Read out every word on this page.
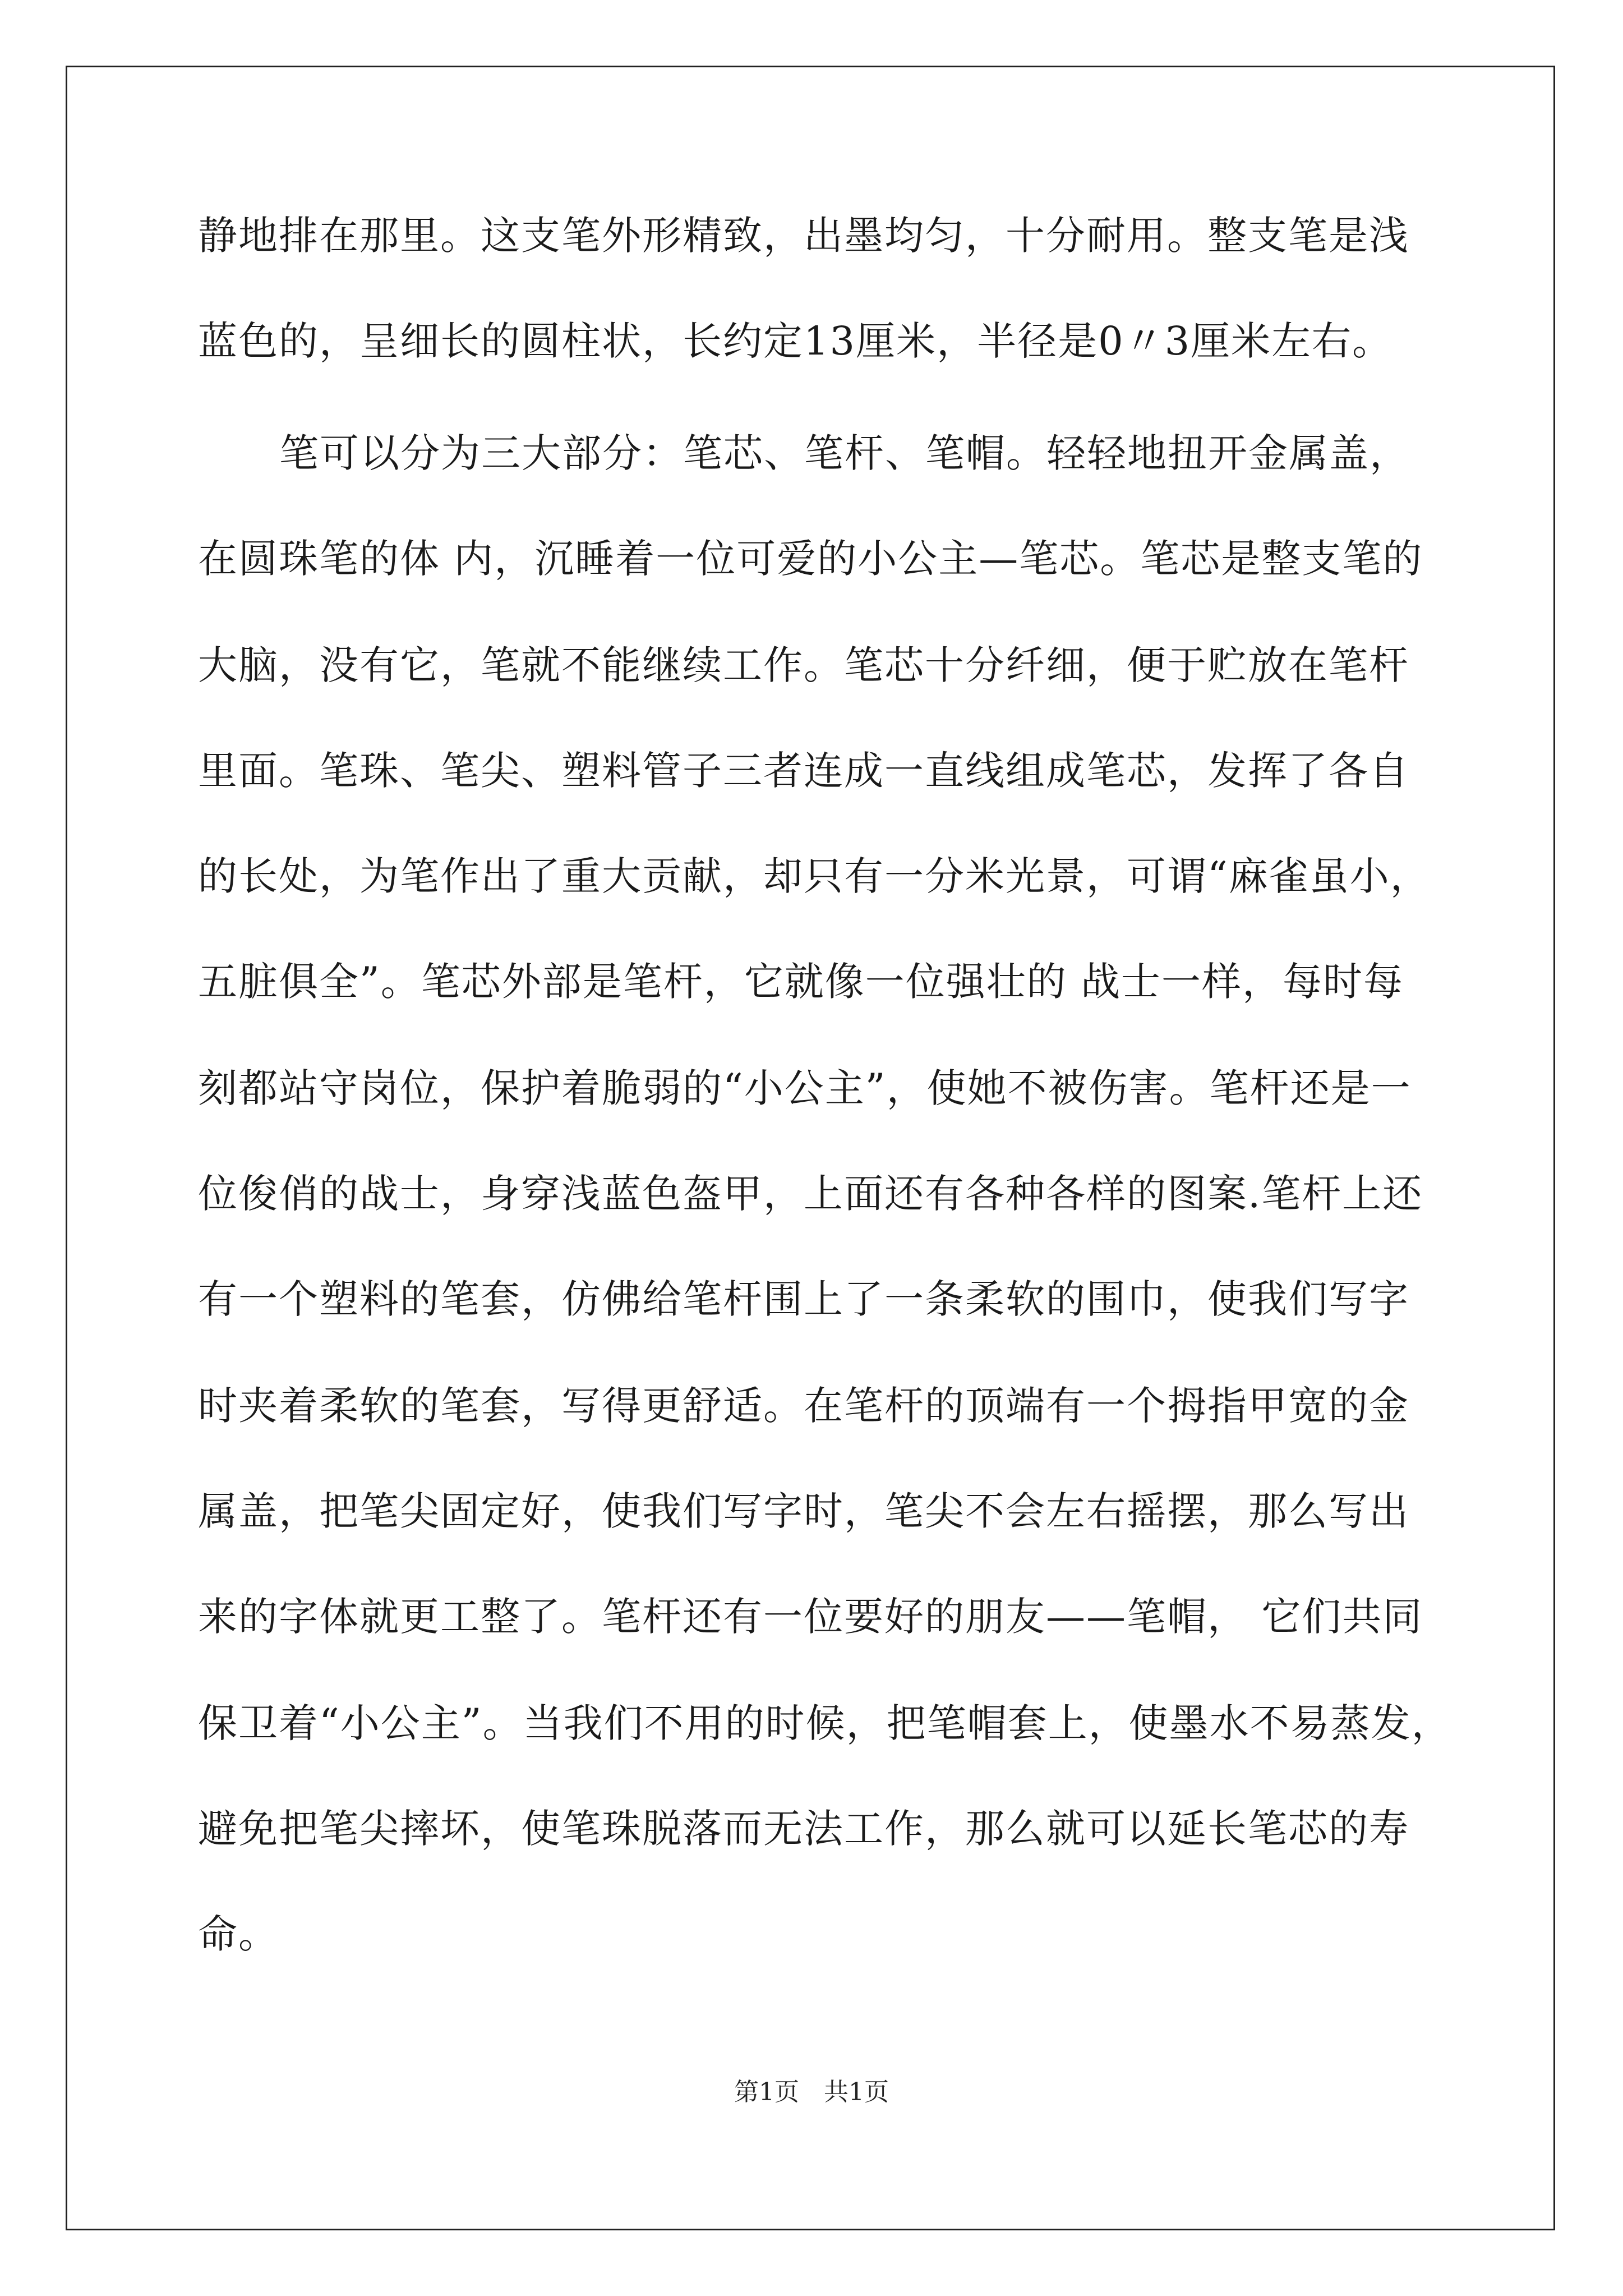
静地排在那里。这支笔外形精致，出墨均匀，十分耐用。整支笔是浅
蓝色的，呈细长的圆柱状，长约定13厘米，半径是0〃3厘米左右。
笔可以分为三大部分：笔芯、笔杆、笔帽。轻轻地扭开金属盖，
在圆珠笔的体 内，沉睡着一位可爱的小公主—笔芯。笔芯是整支笔的
大脑，没有它，笔就不能继续工作。笔芯十分纤细，便于贮放在笔杆
里面。笔珠、笔尖、塑料管子三者连成一直线组成笔芯，发挥了各自
的长处，为笔作出了重大贡献，却只有一分米光景，可谓“麻雀虽小，
五脏俱全”。笔芯外部是笔杆，它就像一位强壮的 战士一样，每时每
刻都站守岗位，保护着脆弱的“小公主”，使她不被伤害。笔杆还是一
位俊俏的战士，身穿浅蓝色盔甲，上面还有各种各样的图案.笔杆上还
有一个塑料的笔套，仿佛给笔杆围上了一条柔软的围巾，使我们写字
时夹着柔软的笔套，写得更舒适。在笔杆的顶端有一个拇指甲宽的金
属盖，把笔尖固定好，使我们写字时，笔尖不会左右摇摆，那么写出
来的字体就更工整了。笔杆还有一位要好的朋友——笔帽， 它们共同
保卫着“小公主”。当我们不用的时候，把笔帽套上，使墨水不易蒸发，
避免把笔尖摔坏，使笔珠脱落而无法工作，那么就可以延长笔芯的寿
命。
第1页　共1页
